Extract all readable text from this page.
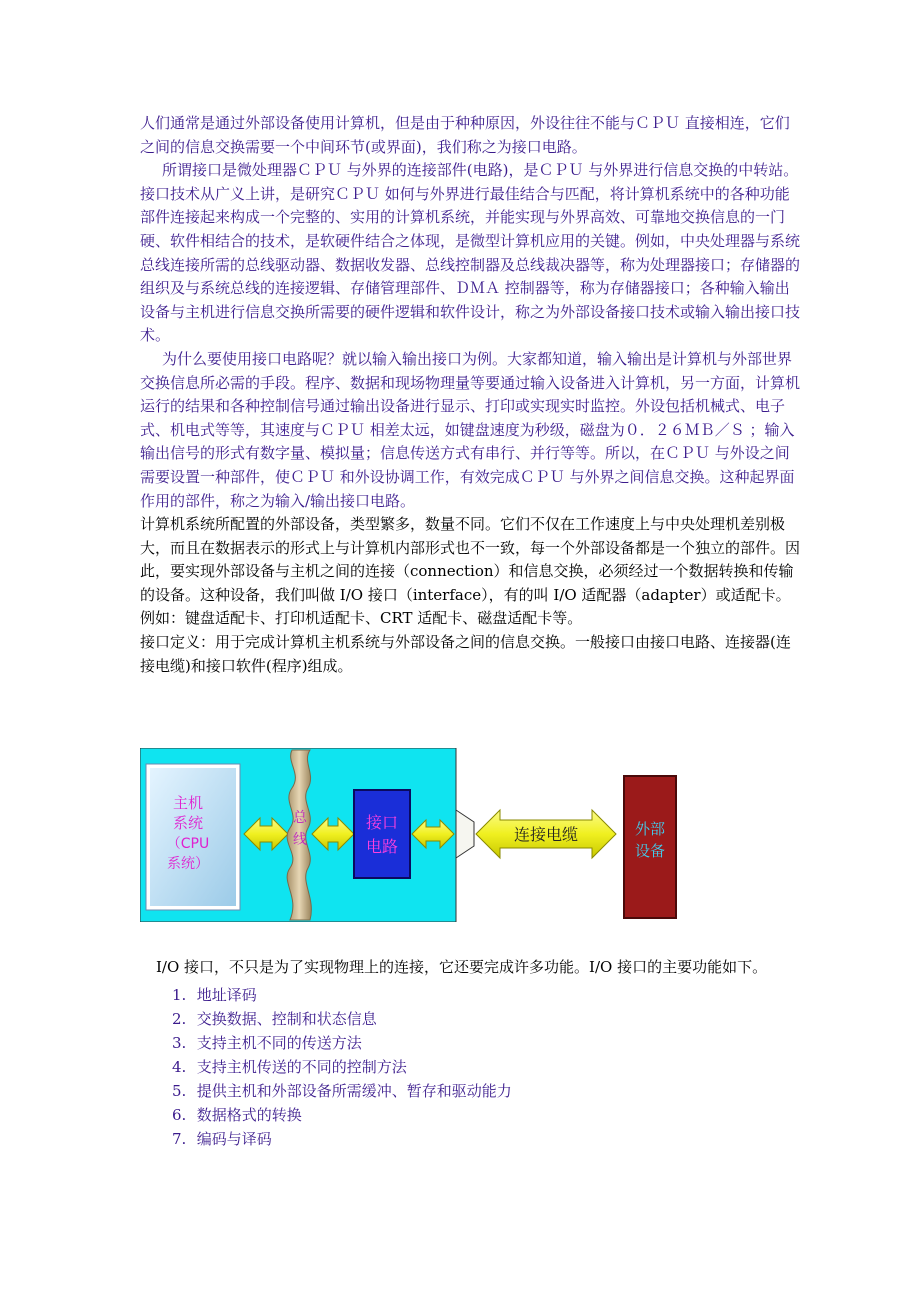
人们通常是通过外部设备使用计算机，但是由于种种原因，外设往往不能与ＣＰＵ 直接相连，它们之间的信息交换需要一个中间环节(或界面)，我们称之为接口电路。

所谓接口是微处理器ＣＰＵ 与外界的连接部件(电路)，是ＣＰＵ 与外界进行信息交换的中转站。接口技术从广义上讲，是研究ＣＰＵ 如何与外界进行最佳结合与匹配，将计算机系统中的各种功能部件连接起来构成一个完整的、实用的计算机系统，并能实现与外界高效、可靠地交换信息的一门硬、软件相结合的技术，是软硬件结合之体现，是微型计算机应用的关键。例如，中央处理器与系统总线连接所需的总线驱动器、数据收发器、总线控制器及总线裁决器等，称为处理器接口；存储器的组织及与系统总线的连接逻辑、存储管理部件、ＤＭＡ 控制器等，称为存储器接口；各种输入输出设备与主机进行信息交换所需要的硬件逻辑和软件设计，称之为外部设备接口技术或输入输出接口技术。

为什么要使用接口电路呢？就以输入输出接口为例。大家都知道，输入输出是计算机与外部世界交换信息所必需的手段。程序、数据和现场物理量等要通过输入设备进入计算机，另一方面，计算机运行的结果和各种控制信号通过输出设备进行显示、打印或实现实时监控。外设包括机械式、电子式、机电式等等，其速度与ＣＰＵ 相差太远，如键盘速度为秒级，磁盘为０．２６ＭＢ／Ｓ ；输入输出信号的形式有数字量、模拟量；信息传送方式有串行、并行等等。所以，在ＣＰＵ 与外设之间需要设置一种部件，使ＣＰＵ 和外设协调工作，有效完成ＣＰＵ 与外界之间信息交换。这种起界面作用的部件，称之为输入/输出接口电路。

计算机系统所配置的外部设备，类型繁多，数量不同。它们不仅在工作速度上与中央处理机差别极大，而且在数据表示的形式上与计算机内部形式也不一致，每一个外部设备都是一个独立的部件。因此，要实现外部设备与主机之间的连接（connection）和信息交换，必须经过一个数据转换和传输的设备。这种设备，我们叫做 I/O 接口（interface），有的叫 I/O 适配器（adapter）或适配卡。例如：键盘适配卡、打印机适配卡、CRT 适配卡、磁盘适配卡等。

接口定义：用于完成计算机主机系统与外部设备之间的信息交换。一般接口由接口电路、连接器(连接电缆)和接口软件(程序)组成。

主机
系统
（CPU
系统）
总
线
接口
电路
连接电缆	外部
设备

I/O 接口，不只是为了实现物理上的连接，它还要完成许多功能。I/O 接口的主要功能如下。

1. 地址译码
2. 交换数据、控制和状态信息
3. 支持主机不同的传送方法
4. 支持主机传送的不同的控制方法
5. 提供主机和外部设备所需缓冲、暂存和驱动能力
6. 数据格式的转换
7. 编码与译码
